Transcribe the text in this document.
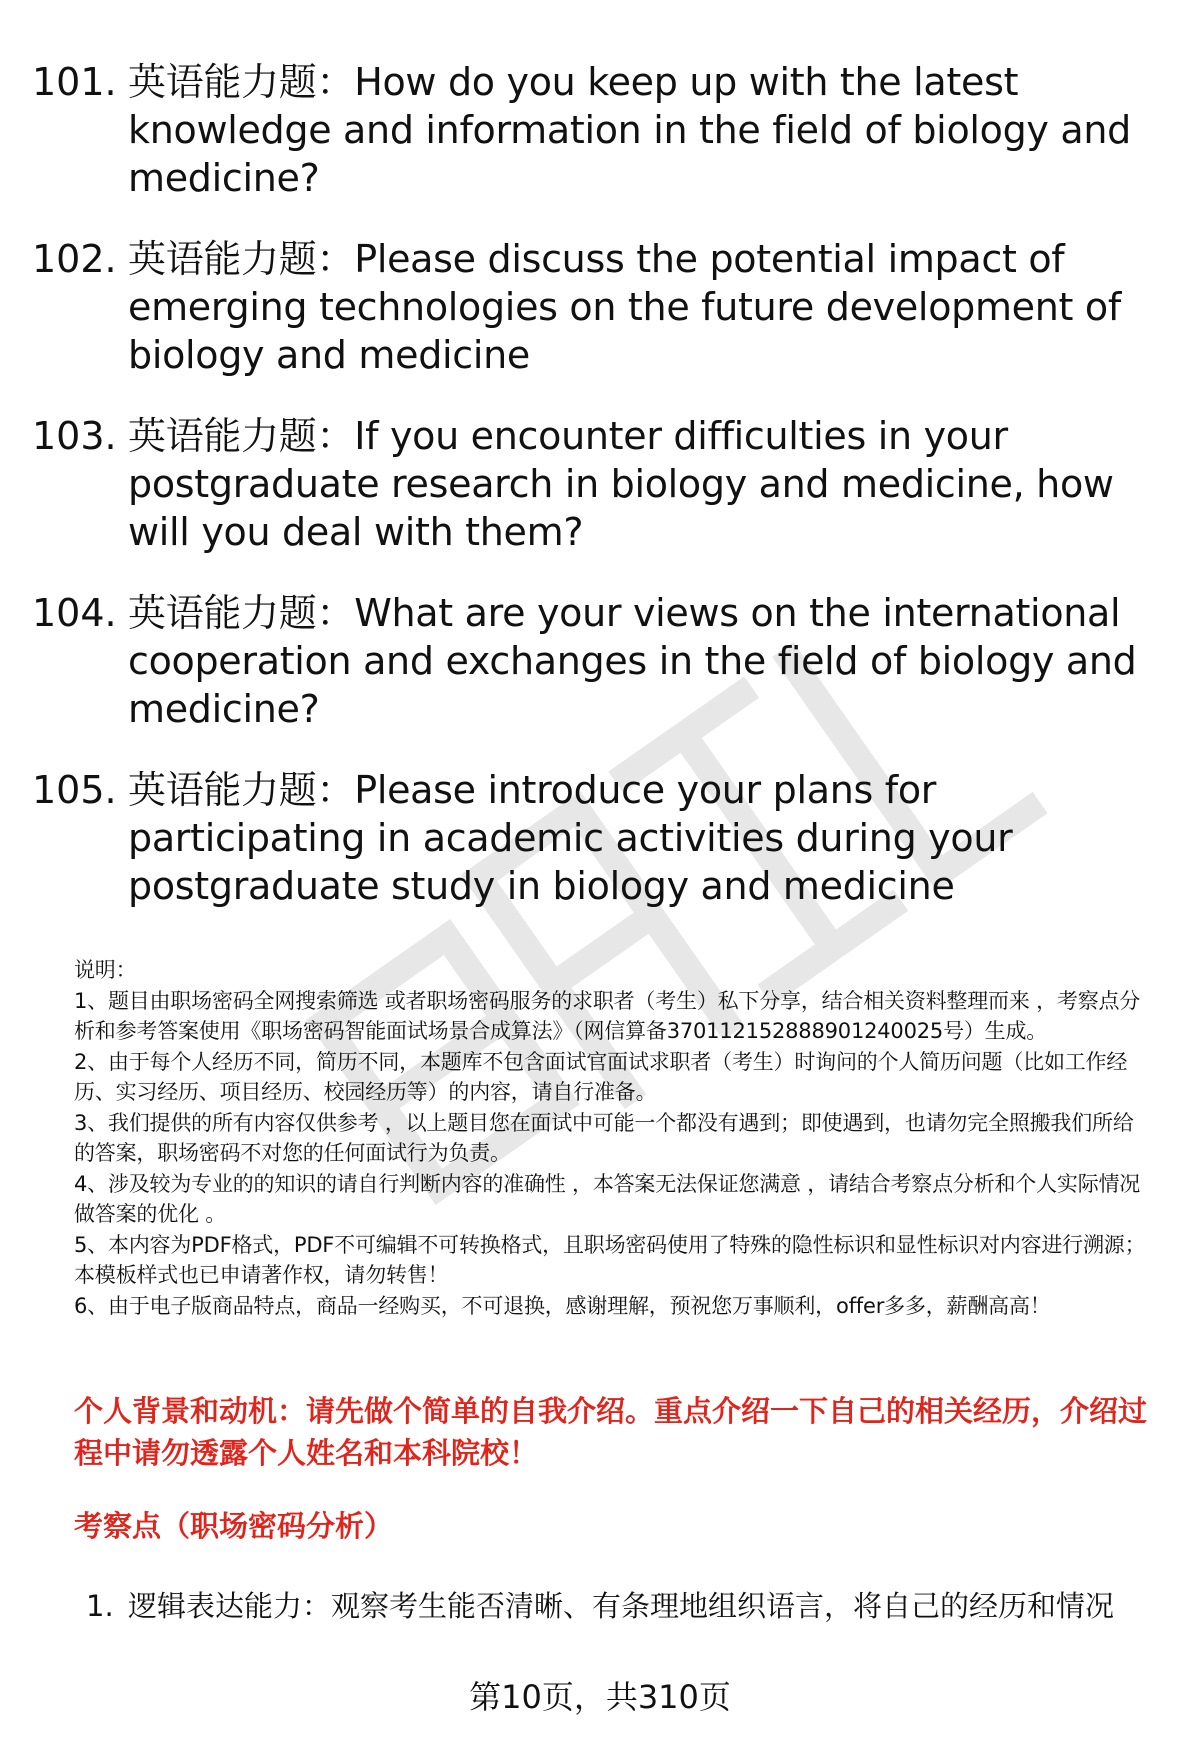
101. 英语能力题：How do you keep up with the latest knowledge and information in the field of biology and medicine?
102. 英语能力题：Please discuss the potential impact of emerging technologies on the future development of biology and medicine
103. 英语能力题：If you encounter difficulties in your postgraduate research in biology and medicine, how will you deal with them?
104. 英语能力题：What are your views on the international cooperation and exchanges in the field of biology and medicine?
105. 英语能力题：Please introduce your plans for participating in academic activities during your postgraduate study in biology and medicine

说明：

1、题目由职场密码全网搜索筛选 或者职场密码服务的求职者（考生）私下分享，结合相关资料整理而来 ，考察点分析和参考答案使用《职场密码智能面试场景合成算法》（网信算备370112152888901240025号）生成。

2、由于每个人经历不同，简历不同，本题库不包含面试官面试求职者（考生）时询问的个人简历问题（比如工作经历、实习经历、项目经历、校园经历等）的内容，请自行准备。

3、我们提供的所有内容仅供参考 ，以上题目您在面试中可能一个都没有遇到；即使遇到，也请勿完全照搬我们所给的答案，职场密码不对您的任何面试行为负责。

4、涉及较为专业的的知识的请自行判断内容的准确性 ，本答案无法保证您满意 ，请结合考察点分析和个人实际情况做答案的优化 。

5、本内容为PDF格式，PDF不可编辑不可转换格式，且职场密码使用了特殊的隐性标识和显性标识对内容进行溯源；本模板样式也已申请著作权，请勿转售！

6、由于电子版商品特点，商品一经购买，不可退换，感谢理解，预祝您万事顺利，offer多多，薪酬高高！

个人背景和动机：请先做个简单的自我介绍。重点介绍一下自己的相关经历，介绍过程中请勿透露个人姓名和本科院校！
考察点（职场密码分析）
1. 逻辑表达能力：观察考生能否清晰、有条理地组织语言，将自己的经历和情况
第10页，共310页
